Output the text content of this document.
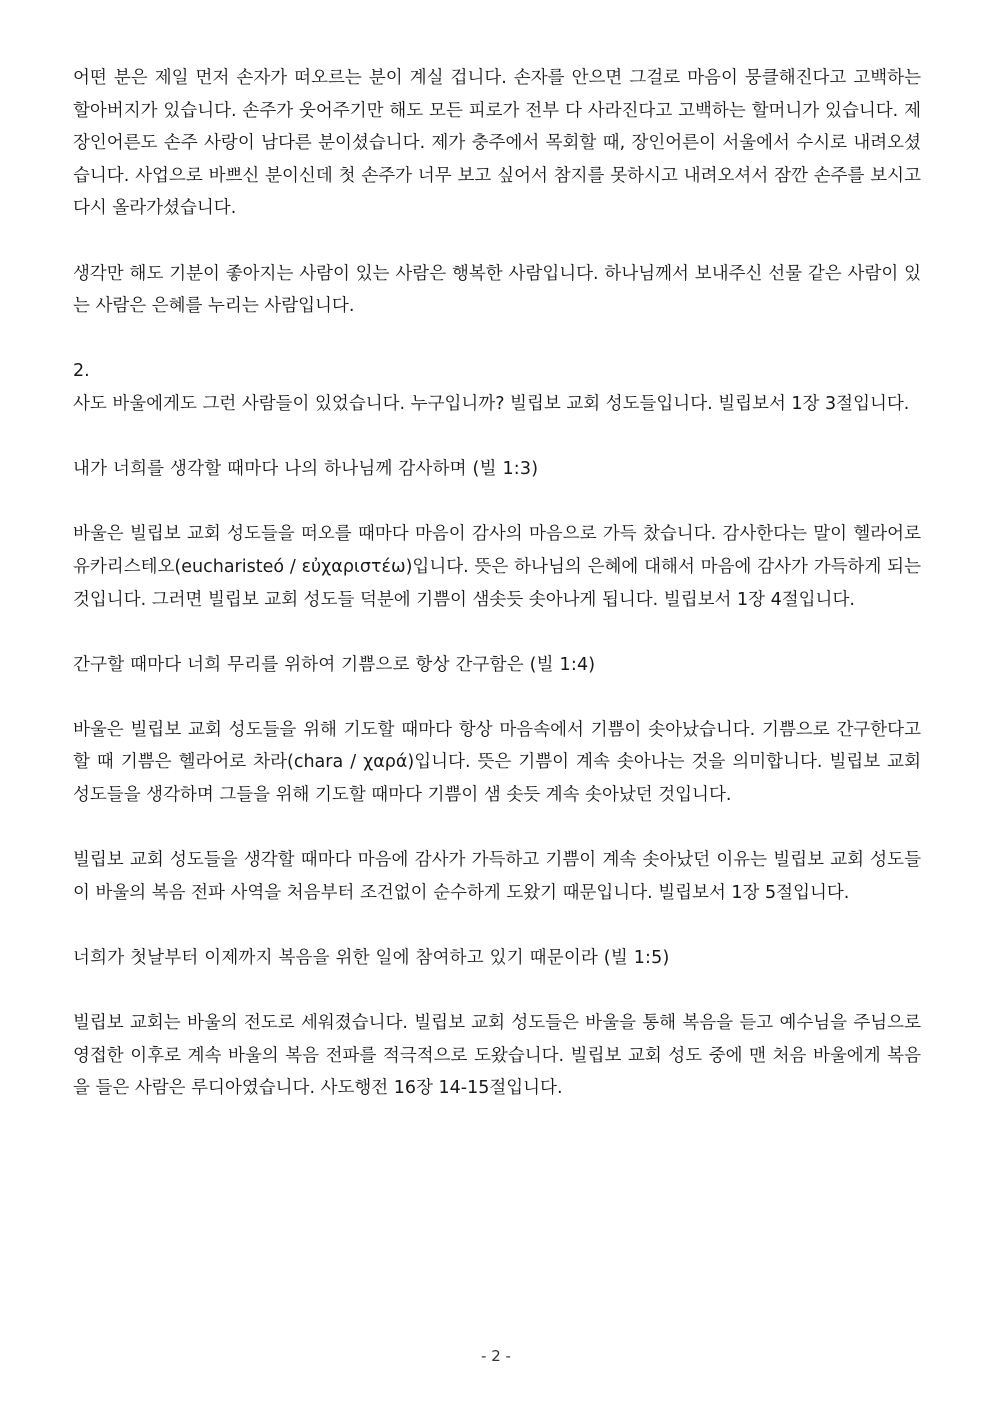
어떤 분은 제일 먼저 손자가 떠오르는 분이 계실 겁니다. 손자를 안으면 그걸로 마음이 뭉클해진다고 고백하는 할아버지가 있습니다. 손주가 웃어주기만 해도 모든 피로가 전부 다 사라진다고 고백하는 할머니가 있습니다. 제 장인어른도 손주 사랑이 남다른 분이셨습니다. 제가 충주에서 목회할 때, 장인어른이 서울에서 수시로 내려오셨습니다. 사업으로 바쁘신 분이신데 첫 손주가 너무 보고 싶어서 참지를 못하시고 내려오셔서 잠깐 손주를 보시고 다시 올라가셨습니다.

생각만 해도 기분이 좋아지는 사람이 있는 사람은 행복한 사람입니다. 하나님께서 보내주신 선물 같은 사람이 있는 사람은 은혜를 누리는 사람입니다.

2.

사도 바울에게도 그런 사람들이 있었습니다. 누구입니까? 빌립보 교회 성도들입니다. 빌립보서 1장 3절입니다.

내가 너희를 생각할 때마다 나의 하나님께 감사하며 (빌 1:3)

바울은 빌립보 교회 성도들을 떠오를 때마다 마음이 감사의 마음으로 가득 찼습니다. 감사한다는 말이 헬라어로 유카리스테오(eucharisteó / εὐχαριστέω)입니다. 뜻은 하나님의 은혜에 대해서 마음에 감사가 가득하게 되는 것입니다. 그러면 빌립보 교회 성도들 덕분에 기쁨이 샘솟듯 솟아나게 됩니다. 빌립보서 1장 4절입니다.

간구할 때마다 너희 무리를 위하여 기쁨으로 항상 간구함은 (빌 1:4)

바울은 빌립보 교회 성도들을 위해 기도할 때마다 항상 마음속에서 기쁨이 솟아났습니다. 기쁨으로 간구한다고 할 때 기쁨은 헬라어로 차라(chara / χαρά)입니다. 뜻은 기쁨이 계속 솟아나는 것을 의미합니다. 빌립보 교회 성도들을 생각하며 그들을 위해 기도할 때마다 기쁨이 샘 솟듯 계속 솟아났던 것입니다.

빌립보 교회 성도들을 생각할 때마다 마음에 감사가 가득하고 기쁨이 계속 솟아났던 이유는 빌립보 교회 성도들이 바울의 복음 전파 사역을 처음부터 조건없이 순수하게 도왔기 때문입니다. 빌립보서 1장 5절입니다.

너희가 첫날부터 이제까지 복음을 위한 일에 참여하고 있기 때문이라 (빌 1:5)

빌립보 교회는 바울의 전도로 세워졌습니다. 빌립보 교회 성도들은 바울을 통해 복음을 듣고 예수님을 주님으로 영접한 이후로 계속 바울의 복음 전파를 적극적으로 도왔습니다. 빌립보 교회 성도 중에 맨 처음 바울에게 복음을 들은 사람은 루디아였습니다. 사도행전 16장 14-15절입니다.

- 2 -
